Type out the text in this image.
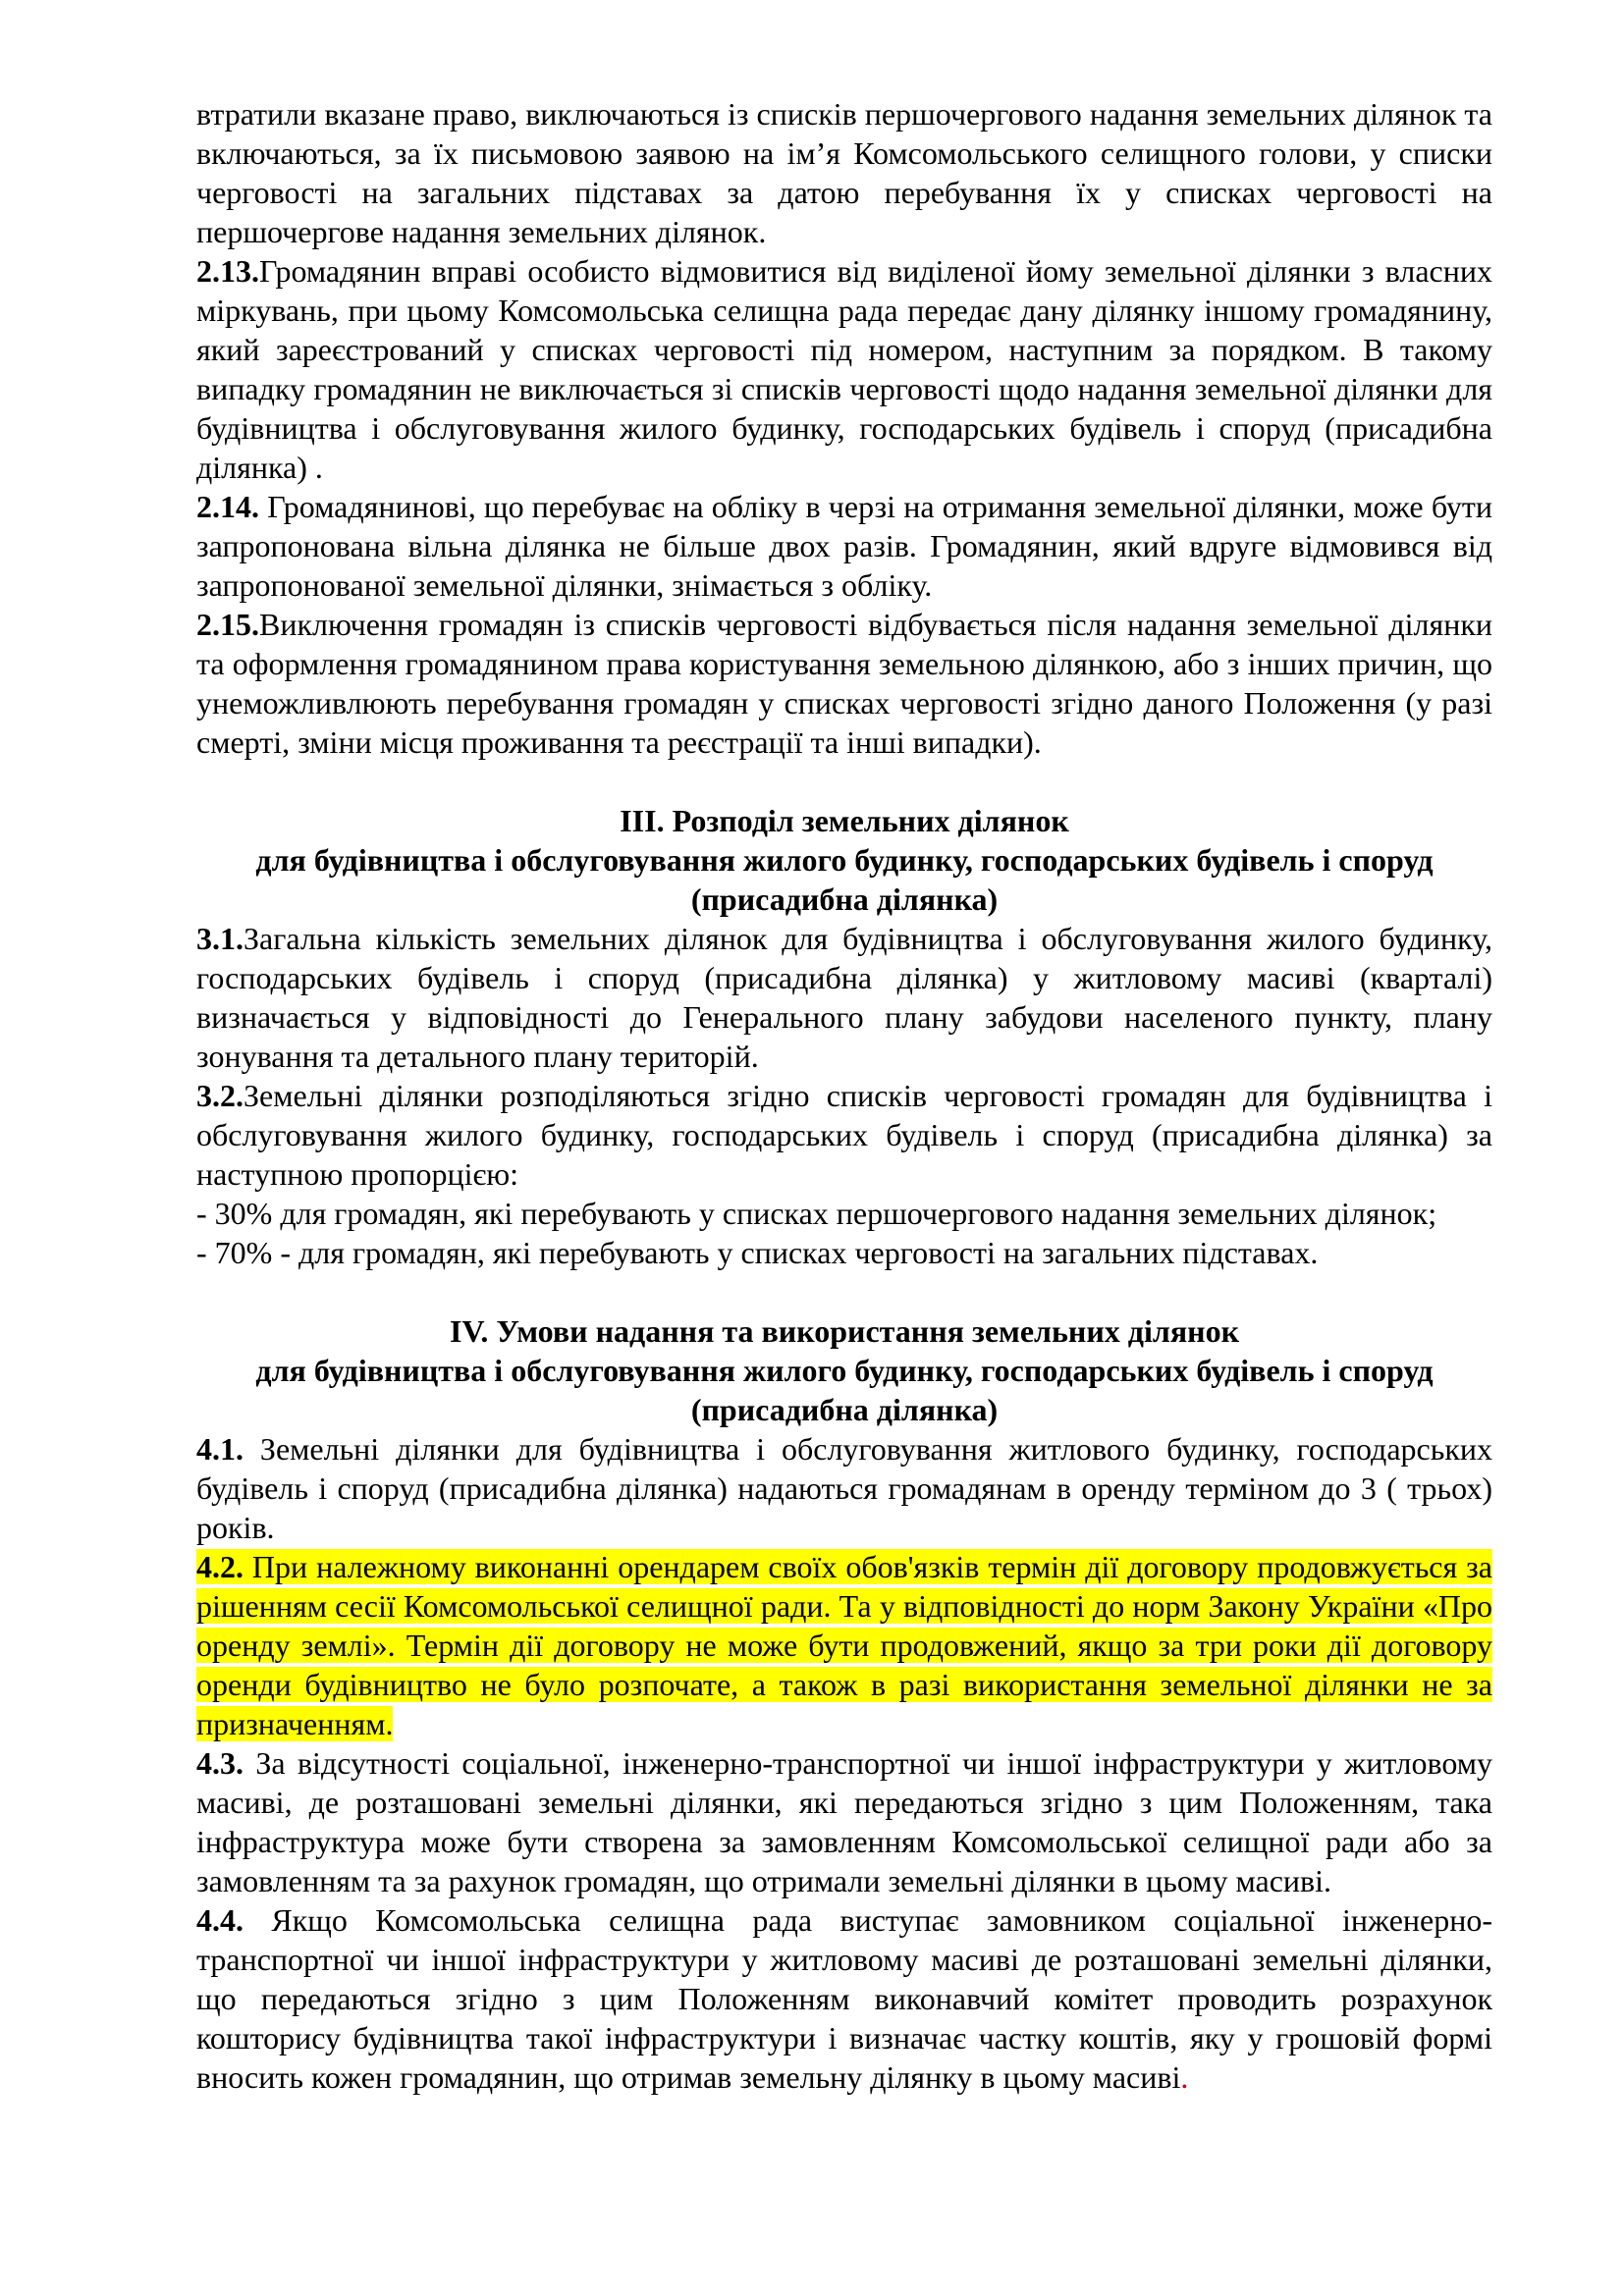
втратили вказане право, виключаються із списків першочергового надання земельних ділянок та включаються, за їх письмовою заявою на ім’я Комсомольського селищного голови, у списки черговості на загальних підставах за датою перебування їх у списках черговості на першочергове надання земельних ділянок.

2.13.Громадянин вправі особисто відмовитися від виділеної йому земельної ділянки з власних міркувань, при цьому Комсомольська селищна рада передає дану ділянку іншому громадянину, який зареєстрований у списках черговості під номером, наступним за порядком. В такому випадку громадянин не виключається зі списків черговості щодо надання земельної ділянки для будівництва і обслуговування жилого будинку, господарських будівель і споруд (присадибна ділянка) .

2.14. Громадянинові, що перебуває на обліку в черзі на отримання земельної ділянки, може бути запропонована вільна ділянка не більше двох разів. Громадянин, який вдруге відмовився від запропонованої земельної ділянки, знімається з обліку.

2.15.Виключення громадян із списків черговості відбувається після надання земельної ділянки та оформлення громадянином права користування земельною ділянкою, або з інших причин, що унеможливлюють перебування громадян у списках черговості згідно даного Положення (у разі смерті, зміни місця проживання та реєстрації та інші випадки).

ІІІ. Розподіл земельних ділянок

для будівництва і обслуговування жилого будинку, господарських будівель і споруд

(присадибна ділянка)

3.1.Загальна кількість земельних ділянок для будівництва і обслуговування жилого будинку, господарських будівель і споруд (присадибна ділянка) у житловому масиві (кварталі) визначається у відповідності до Генерального плану забудови населеного пункту, плану зонування та детального плану територій.

3.2.Земельні ділянки розподіляються згідно списків черговості громадян для будівництва і обслуговування жилого будинку, господарських будівель і споруд (присадибна ділянка) за наступною пропорцією:

- 30% для громадян, які перебувають у списках першочергового надання земельних ділянок;

- 70% - для громадян, які перебувають у списках черговості на загальних підставах.

IV. Умови надання та використання земельних ділянок

для будівництва і обслуговування жилого будинку, господарських будівель і споруд

(присадибна ділянка)

4.1. Земельні ділянки для будівництва і обслуговування житлового будинку, господарських будівель і споруд (присадибна ділянка) надаються громадянам в оренду терміном до 3 ( трьох) років.

4.2. При належному виконанні орендарем своїх обов'язків термін дії договору продовжується за рішенням сесії Комсомольської селищної ради. Та у відповідності до норм Закону України «Про оренду землі». Термін дії договору не може бути продовжений, якщо за три роки дії договору оренди будівництво не було розпочате, а також в разі використання земельної ділянки не за призначенням.

4.3. За відсутності соціальної, інженерно-транспортної чи іншої інфраструктури у житловому масиві, де розташовані земельні ділянки, які передаються згідно з цим Положенням, така інфраструктура може бути створена за замовленням Комсомольської селищної ради або за замовленням та за рахунок громадян, що отримали земельні ділянки в цьому масиві.

4.4. Якщо Комсомольська селищна рада виступає замовником соціальної інженерно-транспортної чи іншої інфраструктури у житловому масиві де розташовані земельні ділянки, що передаються згідно з цим Положенням виконавчий комітет проводить розрахунок кошторису будівництва такої інфраструктури і визначає частку коштів, яку у грошовій формі вносить кожен громадянин, що отримав земельну ділянку в цьому масиві.
